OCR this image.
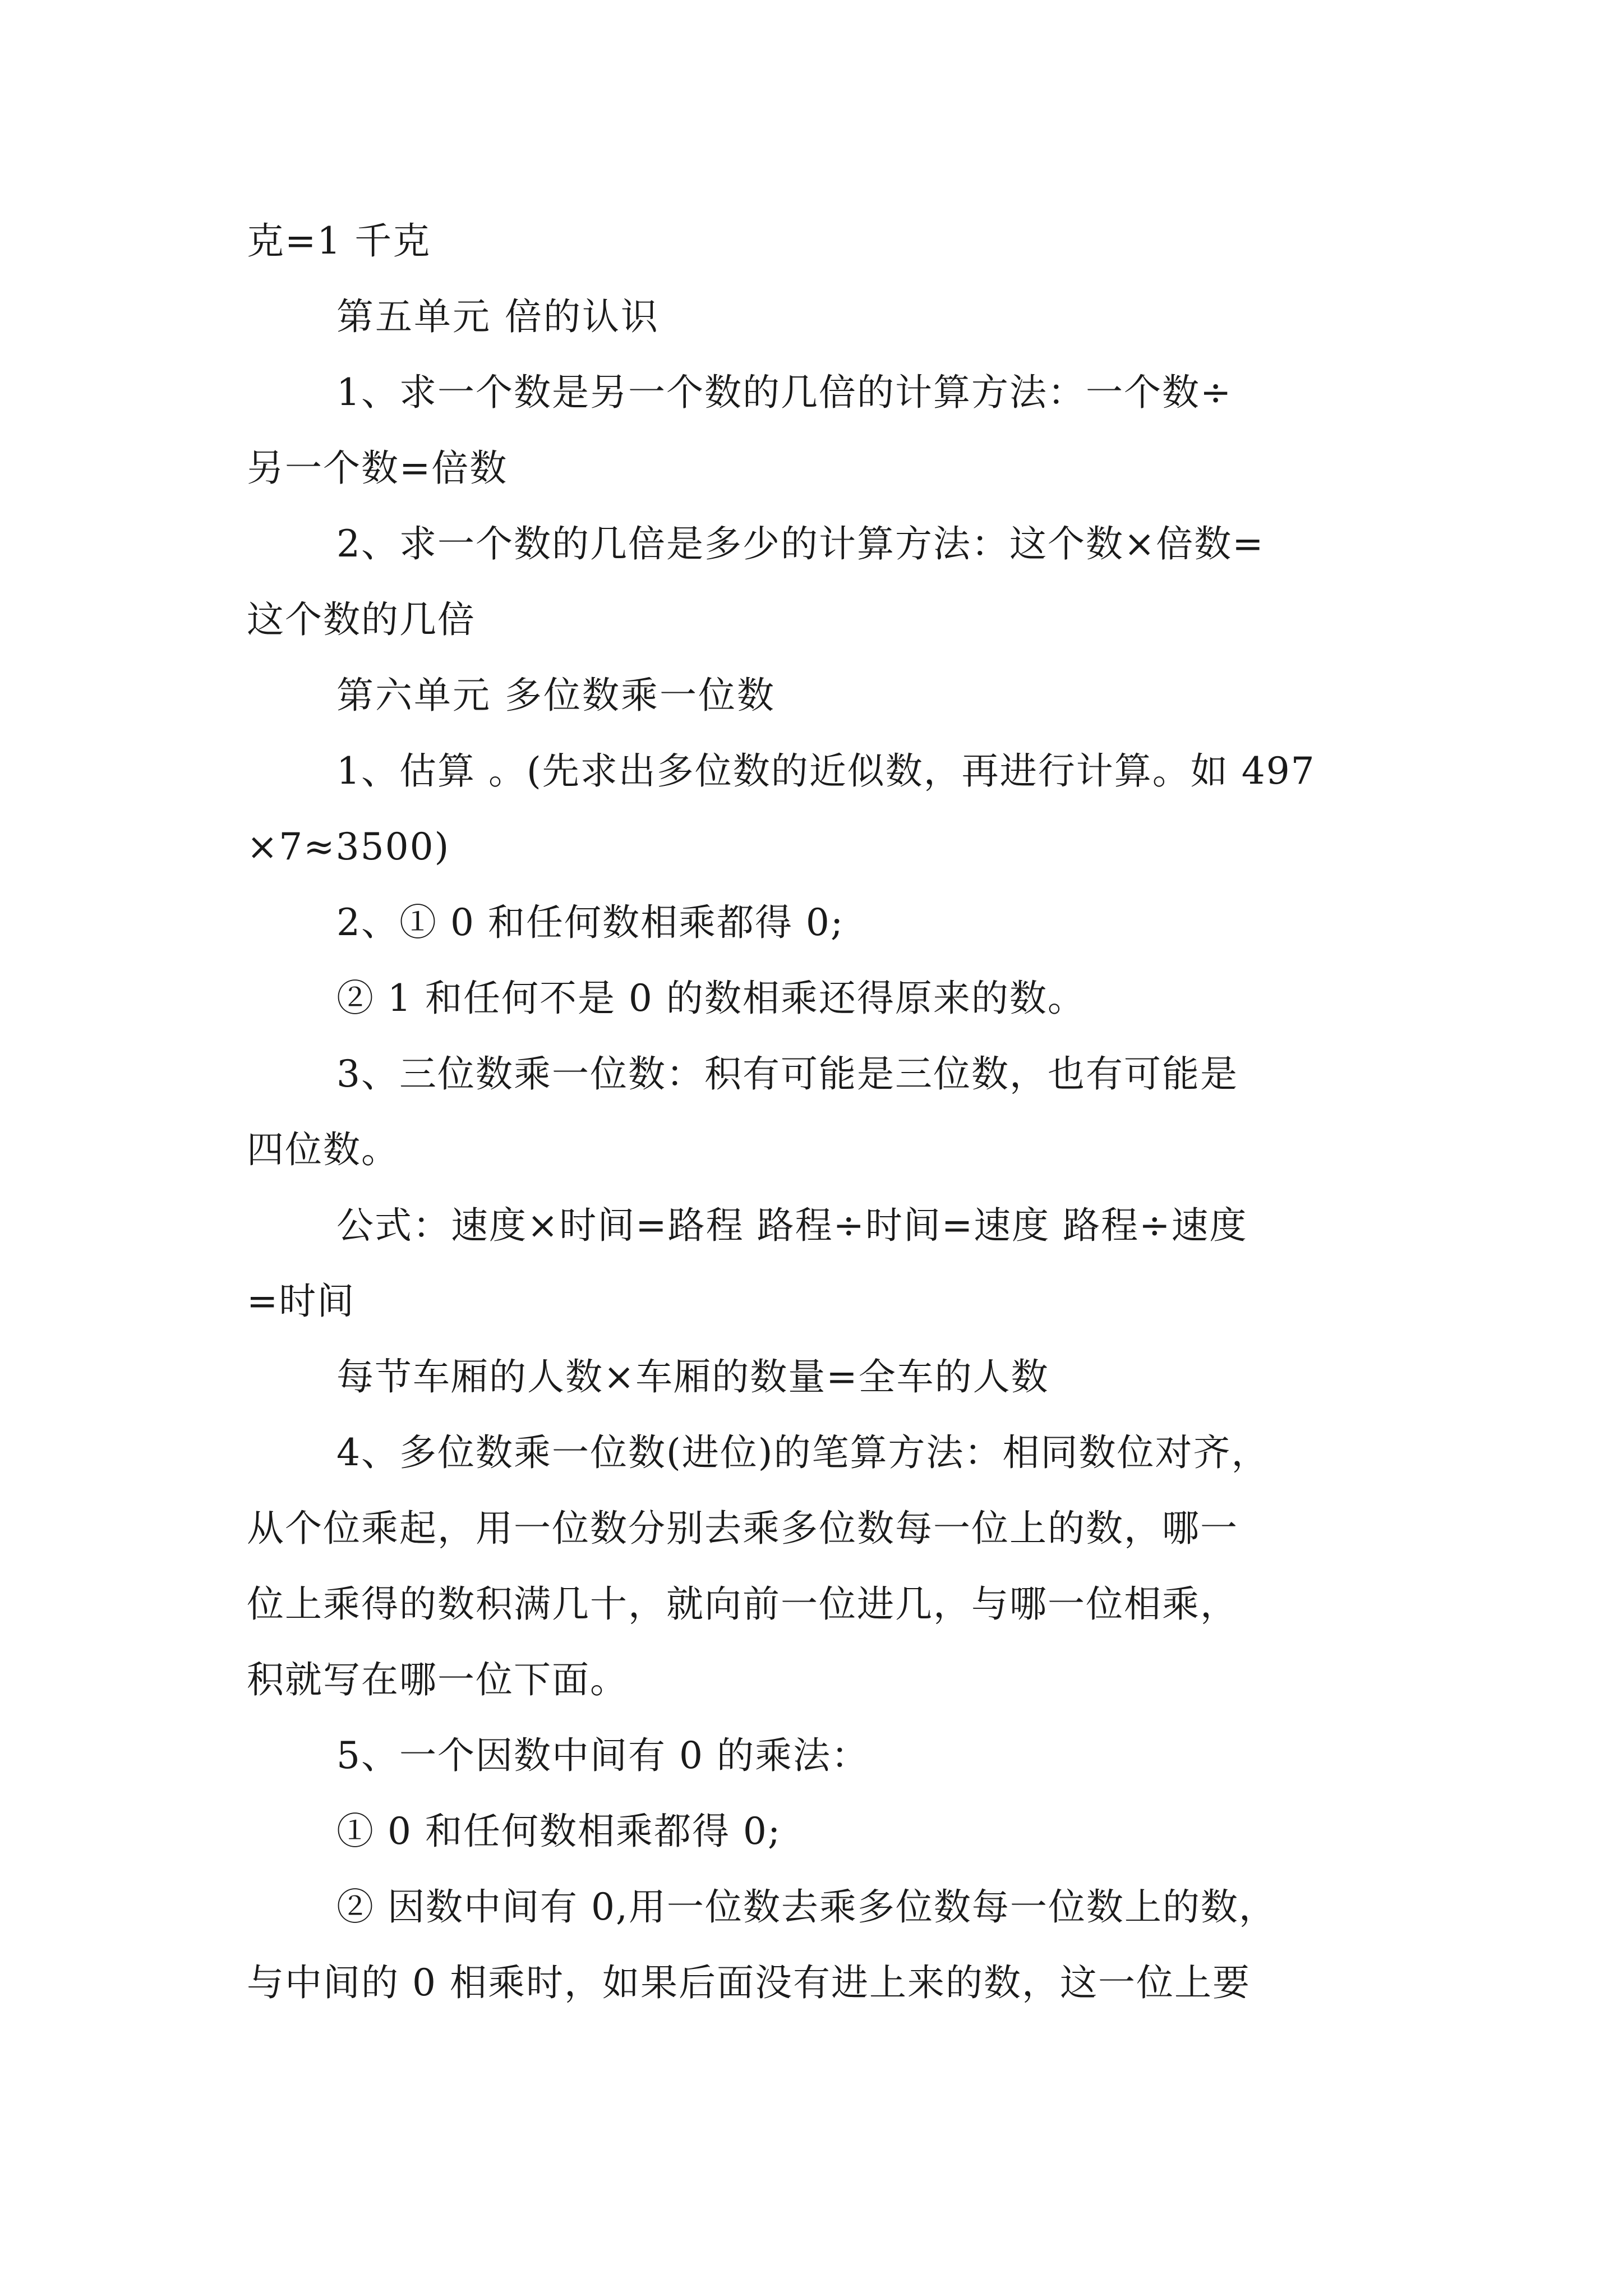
克=1 千克
第五单元 倍的认识
1、求一个数是另一个数的几倍的计算方法：一个数÷
另一个数=倍数
2、求一个数的几倍是多少的计算方法：这个数×倍数=
这个数的几倍
第六单元 多位数乘一位数
1、估算 。(先求出多位数的近似数，再进行计算。如 497
×7≈3500)
2、① 0 和任何数相乘都得 0;
② 1 和任何不是 0 的数相乘还得原来的数。
3、三位数乘一位数：积有可能是三位数，也有可能是
四位数。
公式：速度×时间=路程 路程÷时间=速度 路程÷速度
=时间
每节车厢的人数×车厢的数量=全车的人数
4、多位数乘一位数(进位)的笔算方法：相同数位对齐，
从个位乘起，用一位数分别去乘多位数每一位上的数，哪一
位上乘得的数积满几十，就向前一位进几，与哪一位相乘，
积就写在哪一位下面。
5、一个因数中间有 0 的乘法：
① 0 和任何数相乘都得 0;
② 因数中间有 0,用一位数去乘多位数每一位数上的数，
与中间的 0 相乘时，如果后面没有进上来的数，这一位上要
